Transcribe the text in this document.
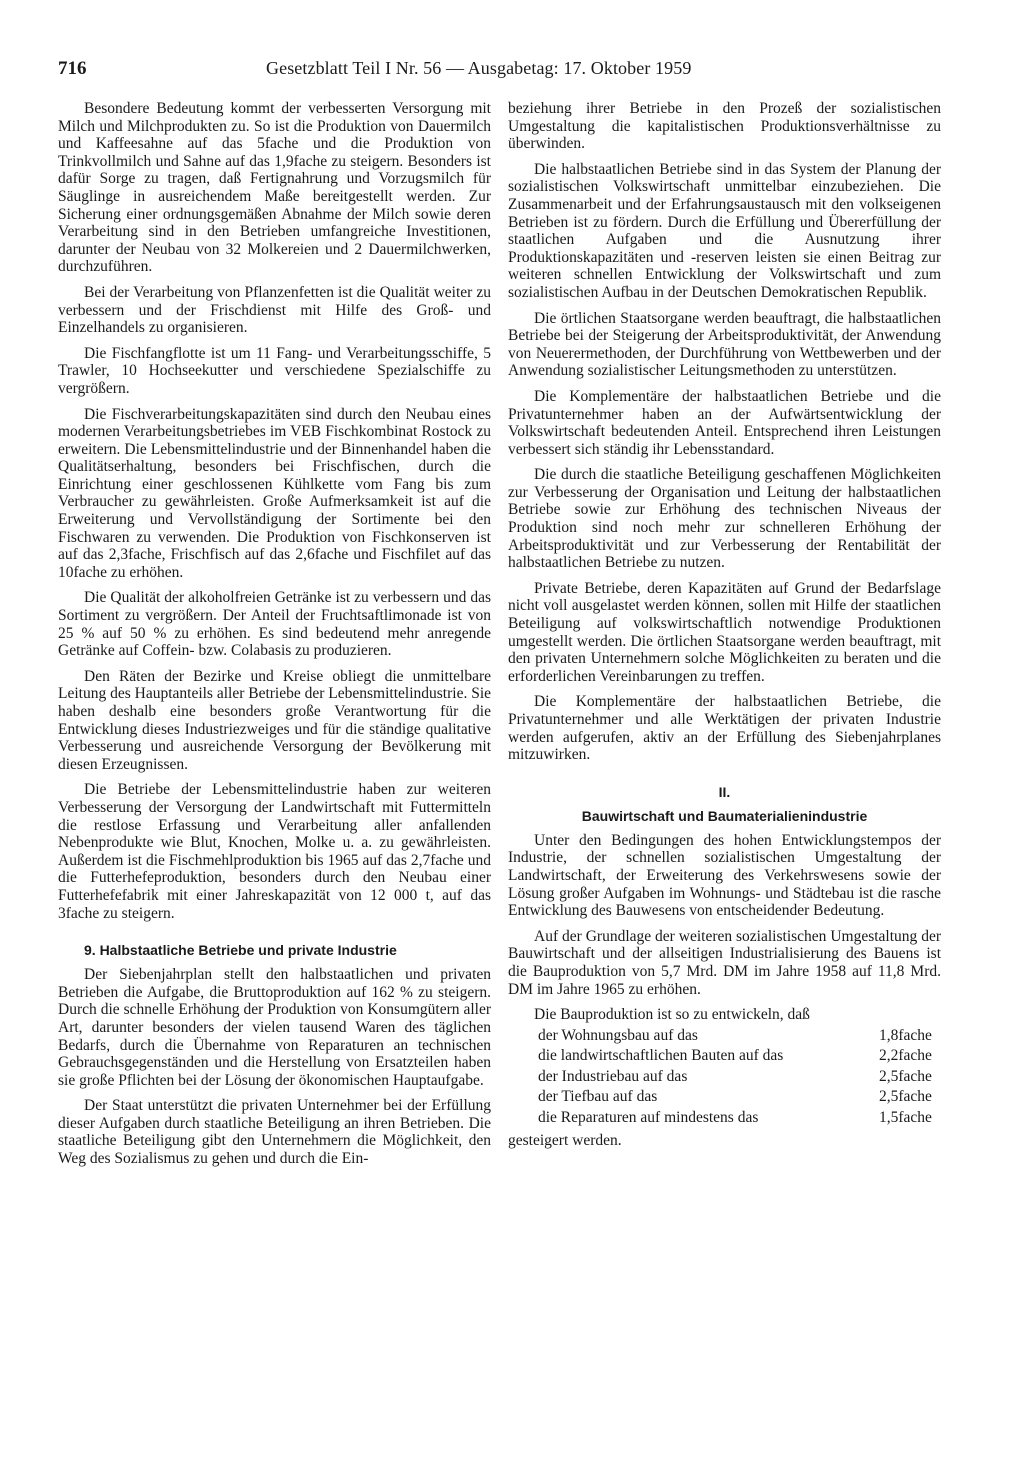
716	Gesetzblatt Teil I Nr. 56 — Ausgabetag: 17. Oktober 1959

Besondere Bedeutung kommt der verbesserten Versorgung mit Milch und Milchprodukten zu. So ist die Produktion von Dauermilch und Kaffeesahne auf das 5fache und die Produktion von Trinkvollmilch und Sahne auf das 1,9fache zu steigern. Besonders ist dafür Sorge zu tragen, daß Fertignahrung und Vorzugsmilch für Säuglinge in ausreichendem Maße bereitgestellt werden. Zur Sicherung einer ordnungsgemäßen Abnahme der Milch sowie deren Verarbeitung sind in den Betrieben umfangreiche Investitionen, darunter der Neubau von 32 Molkereien und 2 Dauermilchwerken, durchzuführen.

Bei der Verarbeitung von Pflanzenfetten ist die Qualität weiter zu verbessern und der Frischdienst mit Hilfe des Groß- und Einzelhandels zu organisieren.

Die Fischfangflotte ist um 11 Fang- und Verarbeitungsschiffe, 5 Trawler, 10 Hochseekutter und verschiedene Spezialschiffe zu vergrößern.

Die Fischverarbeitungskapazitäten sind durch den Neubau eines modernen Verarbeitungsbetriebes im VEB Fischkombinat Rostock zu erweitern. Die Lebensmittelindustrie und der Binnenhandel haben die Qualitätserhaltung, besonders bei Frischfischen, durch die Einrichtung einer geschlossenen Kühlkette vom Fang bis zum Verbraucher zu gewährleisten. Große Aufmerksamkeit ist auf die Erweiterung und Vervollständigung der Sortimente bei den Fischwaren zu verwenden. Die Produktion von Fischkonserven ist auf das 2,3fache, Frischfisch auf das 2,6fache und Fischfilet auf das 10fache zu erhöhen.

Die Qualität der alkoholfreien Getränke ist zu verbessern und das Sortiment zu vergrößern. Der Anteil der Fruchtsaftlimonade ist von 25 % auf 50 % zu erhöhen. Es sind bedeutend mehr anregende Getränke auf Coffein- bzw. Colabasis zu produzieren.

Den Räten der Bezirke und Kreise obliegt die unmittelbare Leitung des Hauptanteils aller Betriebe der Lebensmittelindustrie. Sie haben deshalb eine besonders große Verantwortung für die Entwicklung dieses Industriezweiges und für die ständige qualitative Verbesserung und ausreichende Versorgung der Bevölkerung mit diesen Erzeugnissen.

Die Betriebe der Lebensmittelindustrie haben zur weiteren Verbesserung der Versorgung der Landwirtschaft mit Futtermitteln die restlose Erfassung und Verarbeitung aller anfallenden Nebenprodukte wie Blut, Knochen, Molke u. a. zu gewährleisten. Außerdem ist die Fischmehlproduktion bis 1965 auf das 2,7fache und die Futterhefeproduktion, besonders durch den Neubau einer Futterhefefabrik mit einer Jahreskapazität von 12 000 t, auf das 3fache zu steigern.

9. Halbstaatliche Betriebe und private Industrie

Der Siebenjahrplan stellt den halbstaatlichen und privaten Betrieben die Aufgabe, die Bruttoproduktion auf 162 % zu steigern. Durch die schnelle Erhöhung der Produktion von Konsumgütern aller Art, darunter besonders der vielen tausend Waren des täglichen Bedarfs, durch die Übernahme von Reparaturen an technischen Gebrauchsgegenständen und die Herstellung von Ersatzteilen haben sie große Pflichten bei der Lösung der ökonomischen Hauptaufgabe.

Der Staat unterstützt die privaten Unternehmer bei der Erfüllung dieser Aufgaben durch staatliche Beteiligung an ihren Betrieben. Die staatliche Beteiligung gibt den Unternehmern die Möglichkeit, den Weg des Sozialismus zu gehen und durch die Ein-

beziehung ihrer Betriebe in den Prozeß der sozialistischen Umgestaltung die kapitalistischen Produktionsverhältnisse zu überwinden.

Die halbstaatlichen Betriebe sind in das System der Planung der sozialistischen Volkswirtschaft unmittelbar einzubeziehen. Die Zusammenarbeit und der Erfahrungsaustausch mit den volkseigenen Betrieben ist zu fördern. Durch die Erfüllung und Übererfüllung der staatlichen Aufgaben und die Ausnutzung ihrer Produktionskapazitäten und -reserven leisten sie einen Beitrag zur weiteren schnellen Entwicklung der Volkswirtschaft und zum sozialistischen Aufbau in der Deutschen Demokratischen Republik.

Die örtlichen Staatsorgane werden beauftragt, die halbstaatlichen Betriebe bei der Steigerung der Arbeitsproduktivität, der Anwendung von Neuerermethoden, der Durchführung von Wettbewerben und der Anwendung sozialistischer Leitungsmethoden zu unterstützen.

Die Komplementäre der halbstaatlichen Betriebe und die Privatunternehmer haben an der Aufwärtsentwicklung der Volkswirtschaft bedeutenden Anteil. Entsprechend ihren Leistungen verbessert sich ständig ihr Lebensstandard.

Die durch die staatliche Beteiligung geschaffenen Möglichkeiten zur Verbesserung der Organisation und Leitung der halbstaatlichen Betriebe sowie zur Erhöhung des technischen Niveaus der Produktion sind noch mehr zur schnelleren Erhöhung der Arbeitsproduktivität und zur Verbesserung der Rentabilität der halbstaatlichen Betriebe zu nutzen.

Private Betriebe, deren Kapazitäten auf Grund der Bedarfslage nicht voll ausgelastet werden können, sollen mit Hilfe der staatlichen Beteiligung auf volkswirtschaftlich notwendige Produktionen umgestellt werden. Die örtlichen Staatsorgane werden beauftragt, mit den privaten Unternehmern solche Möglichkeiten zu beraten und die erforderlichen Vereinbarungen zu treffen.

Die Komplementäre der halbstaatlichen Betriebe, die Privatunternehmer und alle Werktätigen der privaten Industrie werden aufgerufen, aktiv an der Erfüllung des Siebenjahrplanes mitzuwirken.

II.
Bauwirtschaft und Baumaterialienindustrie

Unter den Bedingungen des hohen Entwicklungstempos der Industrie, der schnellen sozialistischen Umgestaltung der Landwirtschaft, der Erweiterung des Verkehrswesens sowie der Lösung großer Aufgaben im Wohnungs- und Städtebau ist die rasche Entwicklung des Bauwesens von entscheidender Bedeutung.

Auf der Grundlage der weiteren sozialistischen Umgestaltung der Bauwirtschaft und der allseitigen Industrialisierung des Bauens ist die Bauproduktion von 5,7 Mrd. DM im Jahre 1958 auf 11,8 Mrd. DM im Jahre 1965 zu erhöhen.

Die Bauproduktion ist so zu entwickeln, daß

der Wohnungsbau auf das	1,8fache
die landwirtschaftlichen Bauten auf das	2,2fache
der Industriebau auf das	2,5fache
der Tiefbau auf das	2,5fache
die Reparaturen auf mindestens das	1,5fache

gesteigert werden.
